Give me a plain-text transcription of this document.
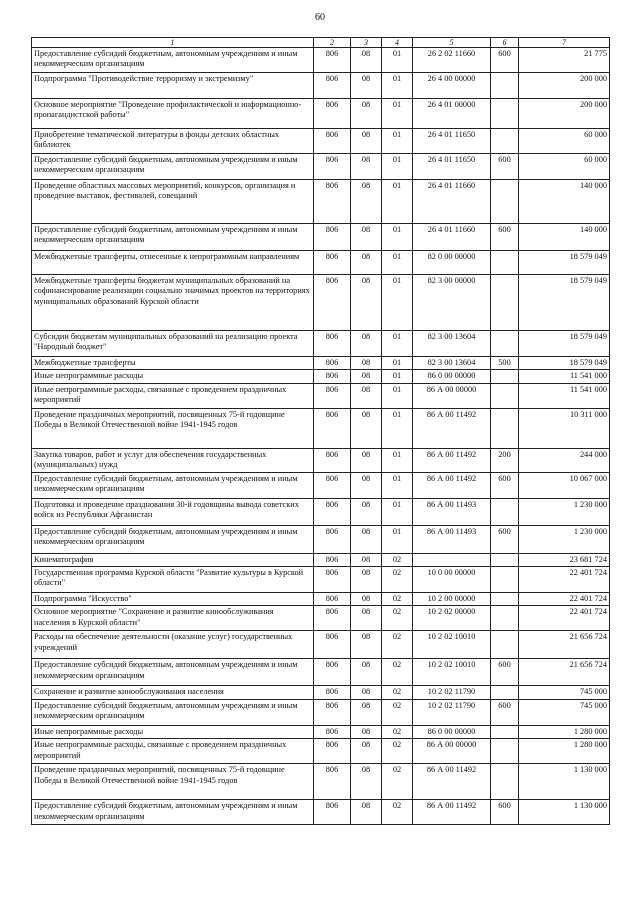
60
1	2	3	4	5	6	7
Предоставление субсидий бюджетным, автономным учреждениям и иным некоммерческим организациям	806	08	01	26 2 02 11660	600	21 775
Подпрограмма "Противодействие терроризму и экстремизму"	806	08	01	26 4 00 00000		200 000
Основное мероприятие "Проведение профилактической и информационно-пропагандистской работы"	806	08	01	26 4 01 00000		200 000
Приобретение тематической литературы в фонды детских областных библиотек	806	08	01	26 4 01 11650		60 000
Предоставление субсидий бюджетным, автономным учреждениям и иным некоммерческим организациям	806	08	01	26 4 01 11650	600	60 000
Проведение областных массовых мероприятий, конкурсов, организация и проведение выставок, фестивалей, совещаний	806	08	01	26 4 01 11660		140 000
Предоставление субсидий бюджетным, автономным учреждениям и иным некоммерческим организациям	806	08	01	26 4 01 11660	600	140 000
Межбюджетные трансферты, отнесенные к непрограммным направлениям	806	08	01	82 0 00 00000		18 579 049
Межбюджетные трансферты бюджетам муниципальных образований на софинансирование реализации социально значимых проектов на территориях муниципальных образований Курской области	806	08	01	82 3 00 00000		18 579 049
Субсидии бюджетам муниципальных образований на реализацию проекта "Народный бюджет"	806	08	01	82 3 00 13604		18 579 049
Межбюджетные трансферты	806	08	01	82 3 00 13604	500	18 579 049
Иные непрограммные расходы	806	08	01	86 0 00 00000		11 541 000
Иные непрограммные расходы, связанные с проведением праздничных мероприятий	806	08	01	86 А 00 00000		11 541 000
Проведение праздничных мероприятий, посвященных 75-й годовщине Победы в Великой Отечественной войне 1941-1945 годов	806	08	01	86 А 00 11492		10 311 000
Закупка товаров, работ и услуг для обеспечения государственных (муниципальных) нужд	806	08	01	86 А 00 11492	200	244 000
Предоставление субсидий бюджетным, автономным учреждениям и иным некоммерческим организациям	806	08	01	86 А 00 11492	600	10 067 000
Подготовка и проведение празднования 30-й годовщины вывода советских войск из Республики Афганистан	806	08	01	86 А 00 11493		1 230 000
Предоставление субсидий бюджетным, автономным учреждениям и иным некоммерческим организациям	806	08	01	86 А 00 11493	600	1 230 000
Кинематография	806	08	02			23 681 724
Государственная программа Курской области "Развитие культуры в Курской области"	806	08	02	10 0 00 00000		22 401 724
Подпрограмма "Искусство"	806	08	02	10 2 00 00000		22 401 724
Основное мероприятие "Сохранение и развитие кинообслуживания населения в Курской области"	806	08	02	10 2 02 00000		22 401 724
Расходы на обеспечение деятельности (оказание услуг) государственных учреждений	806	08	02	10 2 02 10010		21 656 724
Предоставление субсидий бюджетным, автономным учреждениям и иным некоммерческим организациям	806	08	02	10 2 02 10010	600	21 656 724
Сохранение и развитие кинообслуживания населения	806	08	02	10 2 02 11790		745 000
Предоставление субсидий бюджетным, автономным учреждениям и иным некоммерческим организациям	806	08	02	10 2 02 11790	600	745 000
Иные непрограммные расходы	806	08	02	86 0 00 00000		1 280 000
Иные непрограммные расходы, связанные с проведением праздничных мероприятий	806	08	02	86 А 00 00000		1 280 000
Проведение праздничных мероприятий, посвященных 75-й годовщине Победы в Великой Отечественной войне 1941-1945 годов	806	08	02	86 А 00 11492		1 130 000
Предоставление субсидий бюджетным, автономным учреждениям и иным некоммерческим организациям	806	08	02	86 А 00 11492	600	1 130 000
